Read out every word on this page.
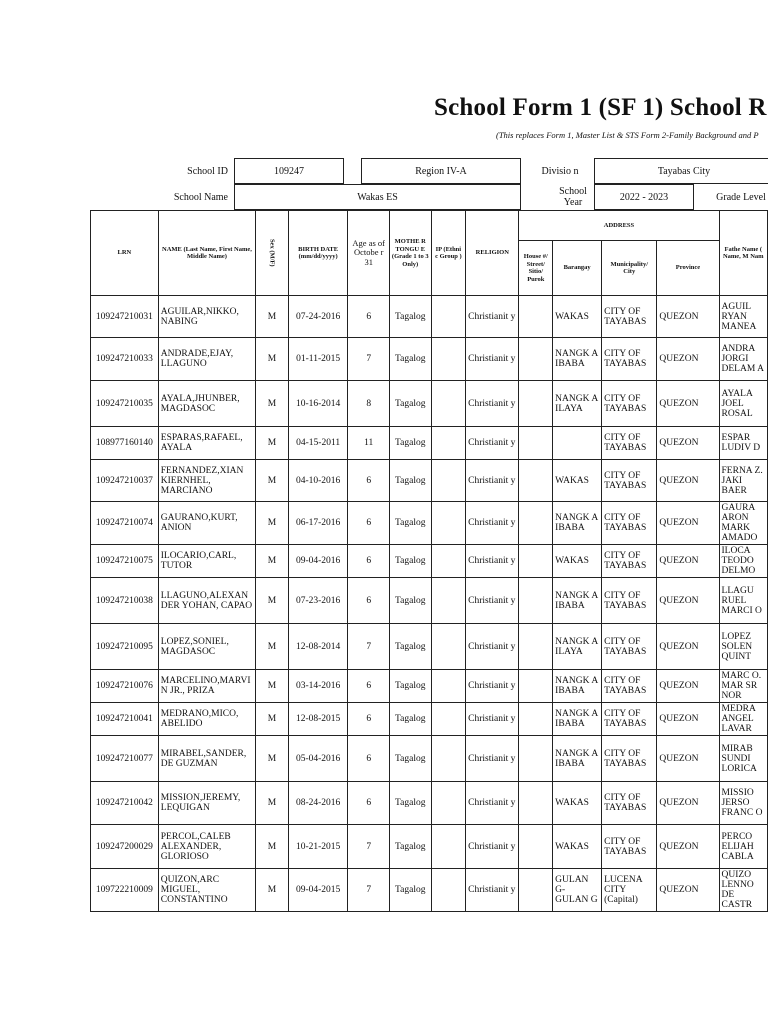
School Form 1 (SF 1) School R
(This replaces Form 1, Master List & STS Form 2-Family Background and P
School ID	109247	Region IV-A	Divisio n	Tayabas City
School Name	Wakas ES	School Year	2022 - 2023	Grade Level
LRN	NAME (Last Name, First Name, Middle Name)	Sex (M/F)	BIRTH DATE (mm/dd/yyyy)	Age as of Octobe r 31	MOTHE R TONGU E (Grade 1 to 3 Only)	IP (Ethni c Group )	RELIGION	ADDRESS				Fathe Name ( Name, M Nam
								House #/ Street/ Sitio/ Purok	Barangay	Municipality/ City	Province	
109247210031	AGUILAR,NIKKO, NABING	M	07-24-2016	6	Tagalog		Christianit y		WAKAS	CITY OF TAYABAS	QUEZON	AGUIL RYAN MANEA
109247210033	ANDRADE,EJAY, LLAGUNO	M	01-11-2015	7	Tagalog		Christianit y		NANGK A IBABA	CITY OF TAYABAS	QUEZON	ANDRA JORGI DELAM A
109247210035	AYALA,JHUNBER, MAGDASOC	M	10-16-2014	8	Tagalog		Christianit y		NANGK A ILAYA	CITY OF TAYABAS	QUEZON	AYALA JOEL ROSAL
108977160140	ESPARAS,RAFAEL, AYALA	M	04-15-2011	11	Tagalog		Christianit y			CITY OF TAYABAS	QUEZON	ESPAR LUDIV D
109247210037	FERNANDEZ,XIAN KIERNHEL, MARCIANO	M	04-10-2016	6	Tagalog		Christianit y		WAKAS	CITY OF TAYABAS	QUEZON	FERNA Z. JAKI BAER
109247210074	GAURANO,KURT, ANION	M	06-17-2016	6	Tagalog		Christianit y		NANGK A IBABA	CITY OF TAYABAS	QUEZON	GAURA ARON MARK AMADO
109247210075	ILOCARIO,CARL, TUTOR	M	09-04-2016	6	Tagalog		Christianit y		WAKAS	CITY OF TAYABAS	QUEZON	ILOCA TEODO DELMO
109247210038	LLAGUNO,ALEXAN DER YOHAN, CAPAO	M	07-23-2016	6	Tagalog		Christianit y		NANGK A IBABA	CITY OF TAYABAS	QUEZON	LLAGU RUEL MARCI O
109247210095	LOPEZ,SONIEL, MAGDASOC	M	12-08-2014	7	Tagalog		Christianit y		NANGK A ILAYA	CITY OF TAYABAS	QUEZON	LOPEZ SOLEN QUINT
109247210076	MARCELINO,MARVI N JR., PRIZA	M	03-14-2016	6	Tagalog		Christianit y		NANGK A IBABA	CITY OF TAYABAS	QUEZON	MARC O. MAR SR NOR
109247210041	MEDRANO,MICO, ABELIDO	M	12-08-2015	6	Tagalog		Christianit y		NANGK A IBABA	CITY OF TAYABAS	QUEZON	MEDRA ANGEL LAVAR
109247210077	MIRABEL,SANDER, DE GUZMAN	M	05-04-2016	6	Tagalog		Christianit y		NANGK A IBABA	CITY OF TAYABAS	QUEZON	MIRAB SUNDI LORICA
109247210042	MISSION,JEREMY, LEQUIGAN	M	08-24-2016	6	Tagalog		Christianit y		WAKAS	CITY OF TAYABAS	QUEZON	MISSIO JERSO FRANC O
109247200029	PERCOL,CALEB ALEXANDER, GLORIOSO	M	10-21-2015	7	Tagalog		Christianit y		WAKAS	CITY OF TAYABAS	QUEZON	PERCO ELIJAH CABLA
109722210009	QUIZON,ARC MIGUEL, CONSTANTINO	M	09-04-2015	7	Tagalog		Christianit y		GULAN G- GULAN G	LUCENA CITY (Capital)	QUEZON	QUIZO LENNO DE CASTR
